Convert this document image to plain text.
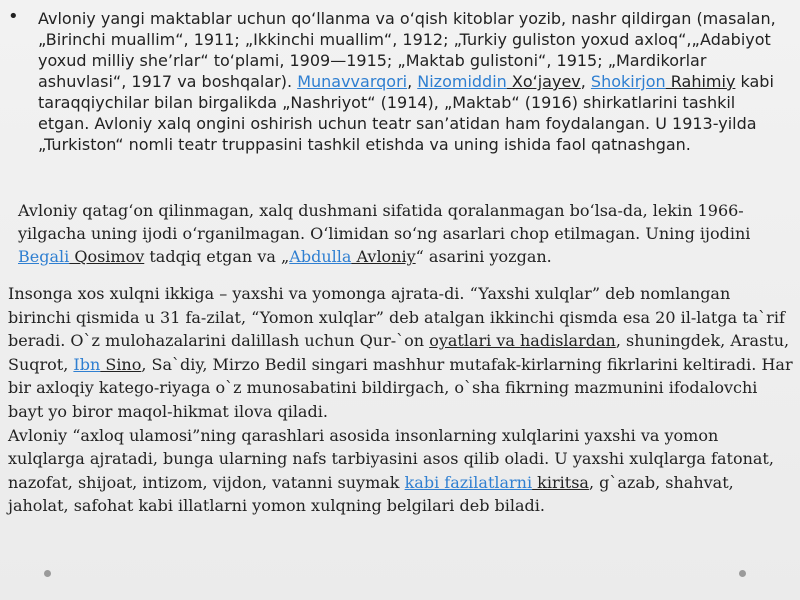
• Avloniy yangi maktablar uchun qo‘llanma va o‘qish kitoblar yozib, nashr qildirgan (masalan, „Birinchi muallim“, 1911; „Ikkinchi muallim“, 1912; „Turkiy guliston yoxud axloq“,„Adabiyot yoxud milliy she’rlar“ to‘plami, 1909—1915; „Maktab gulistoni“, 1915; „Mardikorlar ashuvlasi“, 1917 va boshqalar). Munavvarqori, Nizomiddin Xo‘jayev, Shokirjon Rahimiy kabi taraqqiychilar bilan birgalikda „Nashriyot“ (1914), „Maktab“ (1916) shirkatlarini tashkil etgan. Avloniy xalq ongini oshirish uchun teatr san’atidan ham foydalangan. U 1913-yilda „Turkiston“ nomli teatr truppasini tashkil etishda va uning ishida faol qatnashgan.

Avloniy qatag‘on qilinmagan, xalq dushmani sifatida qoralanmagan bo‘lsa-da, lekin 1966-yilgacha uning ijodi o‘rganilmagan. O‘limidan so‘ng asarlari chop etilmagan. Uning ijodini Begali Qosimov tadqiq etgan va „Abdulla Avloniy“ asarini yozgan.

Insonga xos xulqni ikkiga – yaxshi va yomonga ajrata-di. “Yaxshi xulqlar” deb nomlangan birinchi qismida u 31 fa-zilat, “Yomon xulqlar” deb atalgan ikkinchi qismda esa 20 il-latga ta`rif beradi. O`z mulohazalarini dalillash uchun Qur-`on oyatlari va hadislardan, shuningdek, Arastu, Suqrot, Ibn Sino, Sa`diy, Mirzo Bedil singari mashhur mutafak-kirlarning fikrlarini keltiradi. Har bir axloqiy katego-riyaga o`z munosabatini bildirgach, o`sha fikrning mazmunini ifodalovchi bayt yo biror maqol-hikmat ilova qiladi.
Avloniy “axloq ulamosi”ning qarashlari asosida insonlarning xulqlarini yaxshi va yomon xulqlarga ajratadi, bunga ularning nafs tarbiyasini asos qilib oladi. U yaxshi xulqlarga fatonat, nazofat, shijoat, intizom, vijdon, vatanni suymak kabi fazilatlarni kiritsa, g`azab, shahvat, jaholat, safohat kabi illatlarni yomon xulqning belgilari deb biladi.
